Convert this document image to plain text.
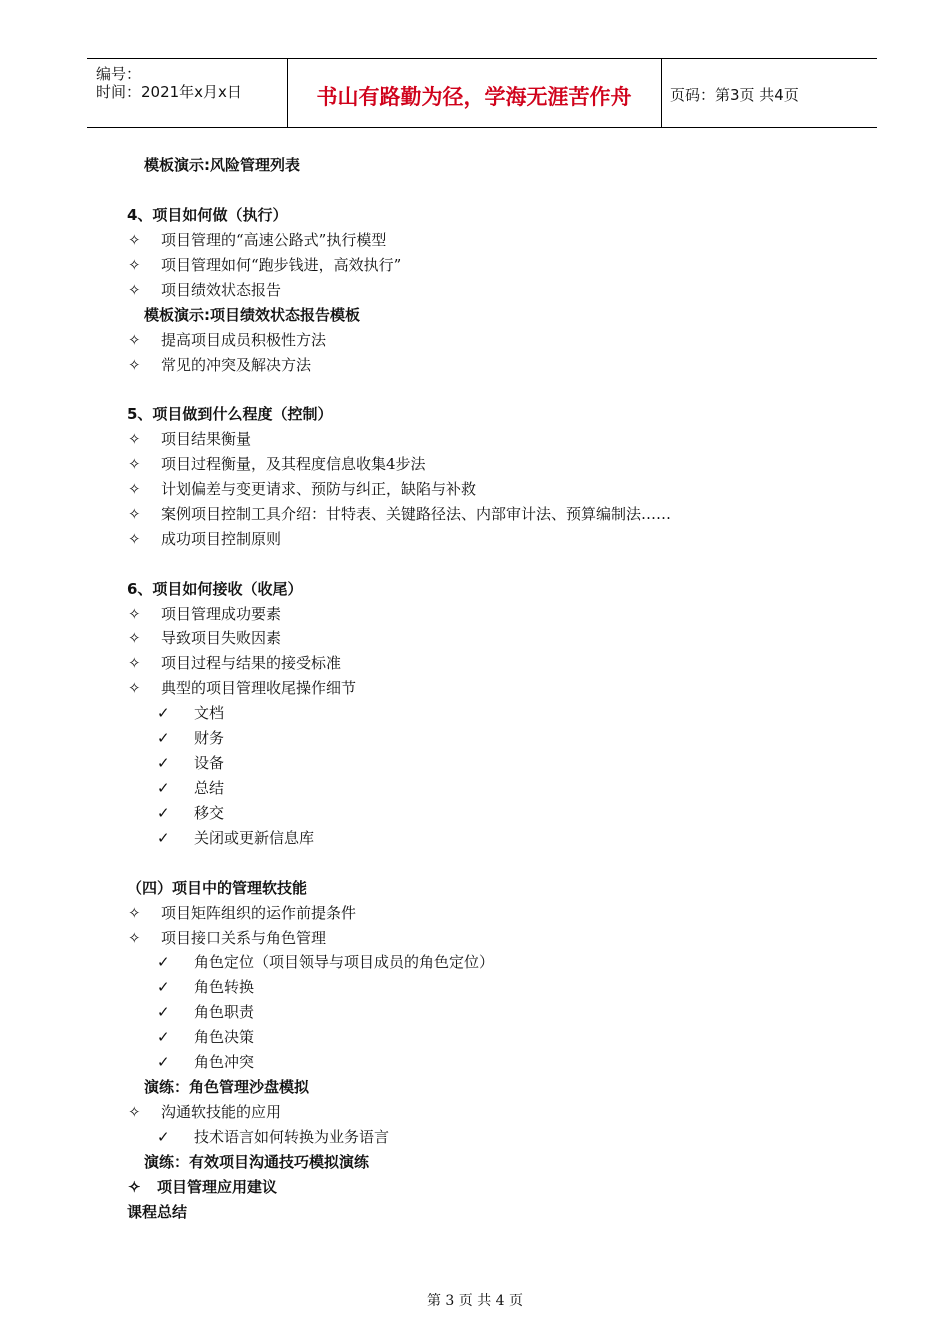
编号：
时间：2021年x月x日	书山有路勤为径，学海无涯苦作舟	页码：第3页 共4页
模板演示:风险管理列表
4、项目如何做（执行）
✧ 项目管理的“高速公路式”执行模型
✧ 项目管理如何“跑步钱进，高效执行”
✧ 项目绩效状态报告
模板演示:项目绩效状态报告模板
✧ 提高项目成员积极性方法
✧ 常见的冲突及解决方法
5、项目做到什么程度（控制）
✧ 项目结果衡量
✧ 项目过程衡量，及其程度信息收集4步法
✧ 计划偏差与变更请求、预防与纠正，缺陷与补救
✧ 案例项目控制工具介绍：甘特表、关键路径法、内部审计法、预算编制法……
✧ 成功项目控制原则
6、项目如何接收（收尾）
✧ 项目管理成功要素
✧ 导致项目失败因素
✧ 项目过程与结果的接受标准
✧ 典型的项目管理收尾操作细节
✓ 文档
✓ 财务
✓ 设备
✓ 总结
✓ 移交
✓ 关闭或更新信息库
（四）项目中的管理软技能
✧ 项目矩阵组织的运作前提条件
✧ 项目接口关系与角色管理
✓ 角色定位（项目领导与项目成员的角色定位）
✓ 角色转换
✓ 角色职责
✓ 角色决策
✓ 角色冲突
演练：角色管理沙盘模拟
✧ 沟通软技能的应用
✓ 技术语言如何转换为业务语言
演练：有效项目沟通技巧模拟演练
✧ 项目管理应用建议
课程总结
第 3 页 共 4 页
